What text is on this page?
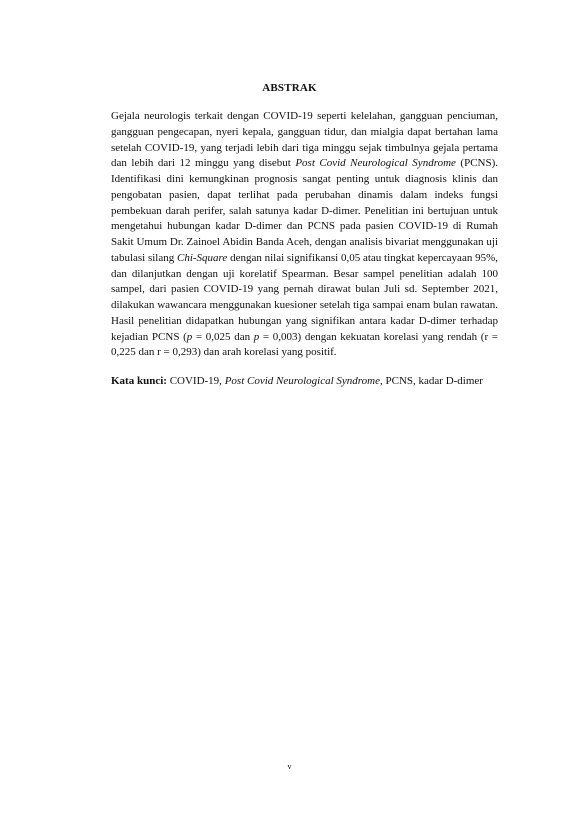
ABSTRAK

Gejala neurologis terkait dengan COVID-19 seperti kelelahan, gangguan penciuman, gangguan pengecapan, nyeri kepala, gangguan tidur, dan mialgia dapat bertahan lama setelah COVID-19, yang terjadi lebih dari tiga minggu sejak timbulnya gejala pertama dan lebih dari 12 minggu yang disebut Post Covid Neurological Syndrome (PCNS). Identifikasi dini kemungkinan prognosis sangat penting untuk diagnosis klinis dan pengobatan pasien, dapat terlihat pada perubahan dinamis dalam indeks fungsi pembekuan darah perifer, salah satunya kadar D-dimer. Penelitian ini bertujuan untuk mengetahui hubungan kadar D-dimer dan PCNS pada pasien COVID-19 di Rumah Sakit Umum Dr. Zainoel Abidin Banda Aceh, dengan analisis bivariat menggunakan uji tabulasi silang Chi-Square dengan nilai signifikansi 0,05 atau tingkat kepercayaan 95%, dan dilanjutkan dengan uji korelatif Spearman. Besar sampel penelitian adalah 100 sampel, dari pasien COVID-19 yang pernah dirawat bulan Juli sd. September 2021, dilakukan wawancara menggunakan kuesioner setelah tiga sampai enam bulan rawatan. Hasil penelitian didapatkan hubungan yang signifikan antara kadar D-dimer terhadap kejadian PCNS (p = 0,025 dan p = 0,003) dengan kekuatan korelasi yang rendah (r = 0,225 dan r = 0,293) dan arah korelasi yang positif.

Kata kunci: COVID-19, Post Covid Neurological Syndrome, PCNS, kadar D-dimer

v
